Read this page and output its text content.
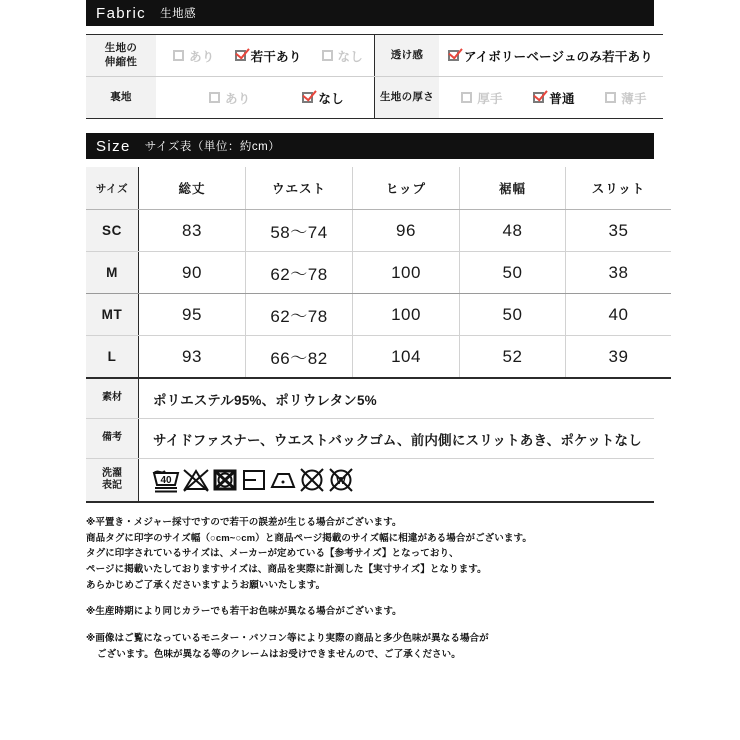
Fabric 生地感
生地の
伸縮性	あり 若干あり なし	透け感	アイボリーベージュのみ若干あり

裏地	あり なし	生地の厚さ	厚手 普通 薄手
Size サイズ表（単位：約cm）
サイズ	総丈	ウエスト	ヒップ	裾幅	スリット
SC	83	58〜74	96	48	35
M	90	62〜78	100	50	38
MT	95	62〜78	100	50	40
L	93	66〜82	104	52	39
素材	ポリエステル95%、ポリウレタン5%
備考	サイドファスナー、ウエストバックゴム、前内側にスリットあき、ポケットなし
洗濯
表記	40 W

※平置き・メジャー採寸ですので若干の誤差が生じる場合がございます。

商品タグに印字のサイズ幅（○cm~○cm）と商品ページ掲載のサイズ幅に相違がある場合がございます。

タグに印字されているサイズは、メーカーが定めている【参考サイズ】となっており、

ページに掲載いたしておりますサイズは、商品を実際に計測した【実寸サイズ】となります。

あらかじめご了承くださいますようお願いいたします。

※生産時期により同じカラーでも若干お色味が異なる場合がございます。

※画像はご覧になっているモニター・パソコン等により実際の商品と多少色味が異なる場合が

ございます。色味が異なる等のクレームはお受けできませんので、ご了承ください。
